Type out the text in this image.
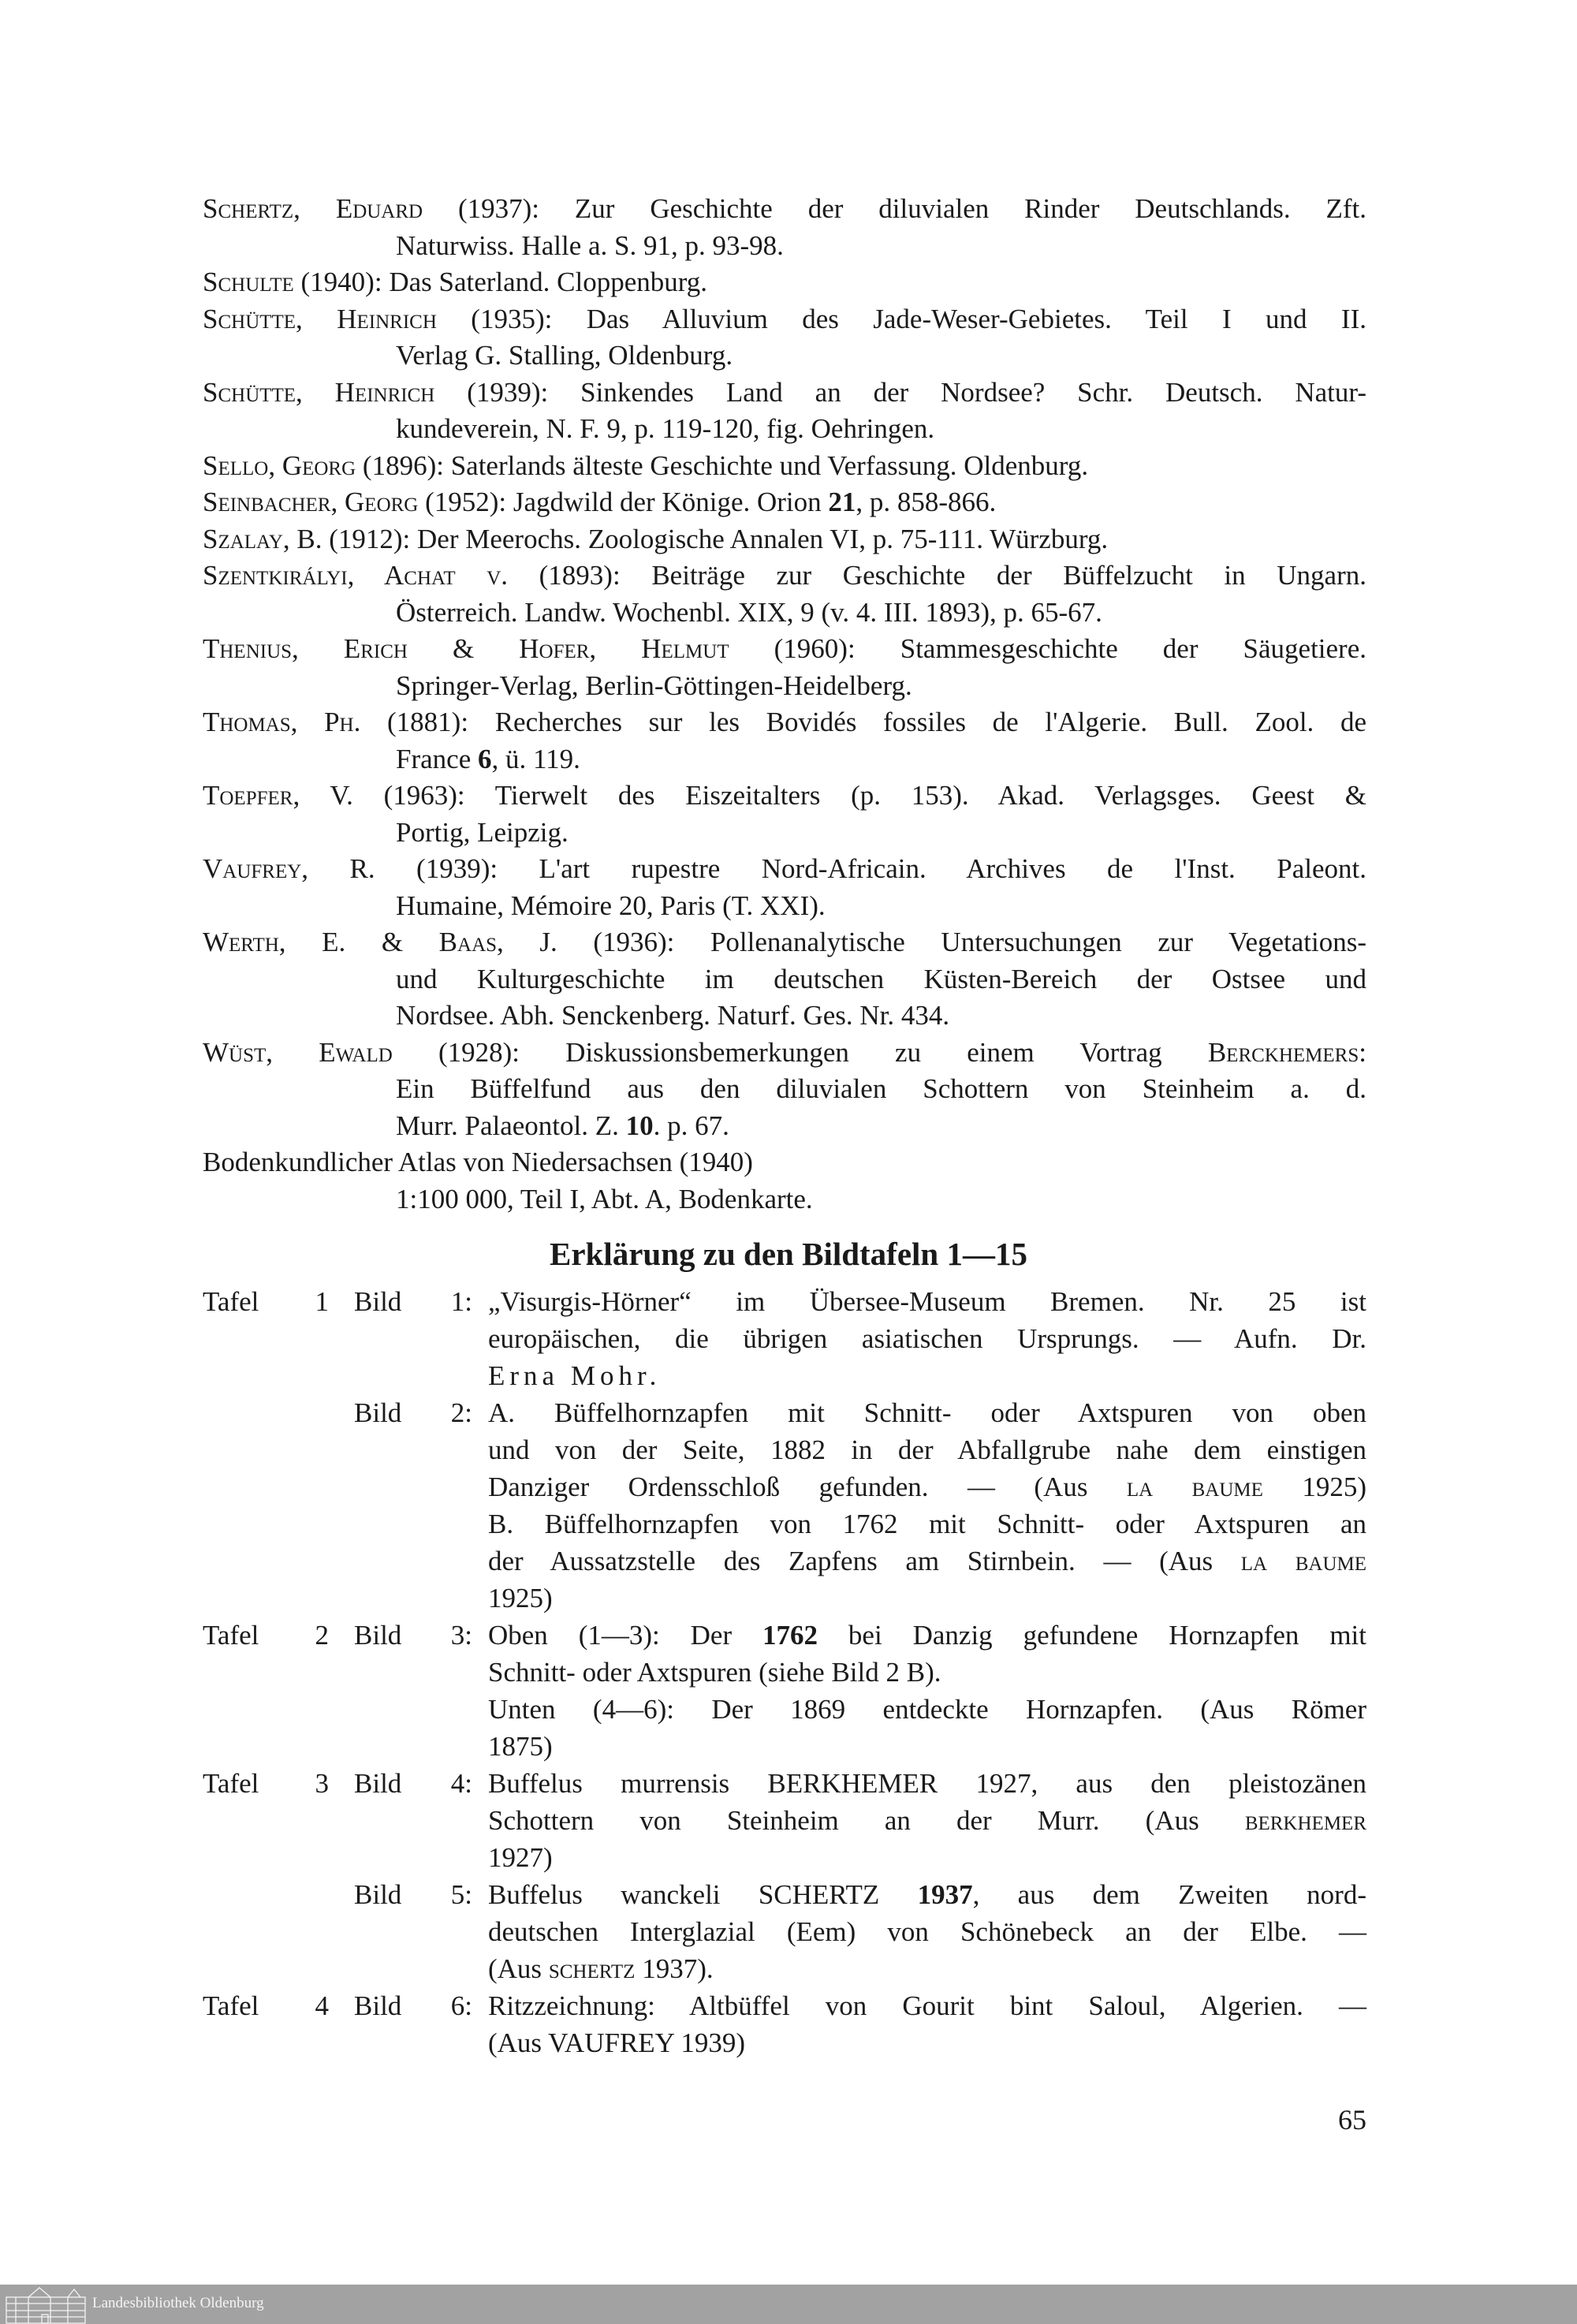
Schertz, Eduard (1937): Zur Geschichte der diluvialen Rinder Deutschlands. Zft.
Naturwiss. Halle a. S. 91, p. 93-98.
Schulte (1940): Das Saterland. Cloppenburg.
Schütte, Heinrich (1935): Das Alluvium des Jade-Weser-Gebietes. Teil I und II.
Verlag G. Stalling, Oldenburg.
Schütte, Heinrich (1939): Sinkendes Land an der Nordsee? Schr. Deutsch. Natur-
kundeverein, N. F. 9, p. 119-120, fig. Oehringen.
Sello, Georg (1896): Saterlands älteste Geschichte und Verfassung. Oldenburg.
Seinbacher, Georg (1952): Jagdwild der Könige. Orion 21, p. 858-866.
Szalay, B. (1912): Der Meerochs. Zoologische Annalen VI, p. 75-111. Würzburg.
Szentkirályi, Achat v. (1893): Beiträge zur Geschichte der Büffelzucht in Ungarn.
Österreich. Landw. Wochenbl. XIX, 9 (v. 4. III. 1893), p. 65-67.
Thenius, Erich & Hofer, Helmut (1960): Stammesgeschichte der Säugetiere.
Springer-Verlag, Berlin-Göttingen-Heidelberg.
Thomas, Ph. (1881): Recherches sur les Bovidés fossiles de l'Algerie. Bull. Zool. de
France 6, ü. 119.
Toepfer, V. (1963): Tierwelt des Eiszeitalters (p. 153). Akad. Verlagsges. Geest &
Portig, Leipzig.
Vaufrey, R. (1939): L'art rupestre Nord-Africain. Archives de l'Inst. Paleont.
Humaine, Mémoire 20, Paris (T. XXI).
Werth, E. & Baas, J. (1936): Pollenanalytische Untersuchungen zur Vegetations-
und Kulturgeschichte im deutschen Küsten-Bereich der Ostsee und
Nordsee. Abh. Senckenberg. Naturf. Ges. Nr. 434.
Wüst, Ewald (1928): Diskussionsbemerkungen zu einem Vortrag Berckhemers:
Ein Büffelfund aus den diluvialen Schottern von Steinheim a. d.
Murr. Palaeontol. Z. 10. p. 67.
Bodenkundlicher Atlas von Niedersachsen (1940)
1:100 000, Teil I, Abt. A, Bodenkarte.
Erklärung zu den Bildtafeln 1—15
Tafel	1 Bild	1: „Visurgis-Hörner“ im Übersee-Museum Bremen. Nr. 25 ist
europäischen, die übrigen asiatischen Ursprungs. — Aufn. Dr.
Erna Mohr.
Bild	2: A. Büffelhornzapfen mit Schnitt- oder Axtspuren von oben
und von der Seite, 1882 in der Abfallgrube nahe dem einstigen
Danziger Ordensschloß gefunden. — (Aus la baume 1925)
B. Büffelhornzapfen von 1762 mit Schnitt- oder Axtspuren an
der Aussatzstelle des Zapfens am Stirnbein. — (Aus la baume
1925)
Tafel	2 Bild	3: Oben (1—3): Der 1762 bei Danzig gefundene Hornzapfen mit
Schnitt- oder Axtspuren (siehe Bild 2 B).
Unten (4—6): Der 1869 entdeckte Hornzapfen. (Aus Römer
1875)
Tafel	3 Bild	4: Buffelus murrensis BERKHEMER 1927, aus den pleistozänen
Schottern von Steinheim an der Murr. (Aus berkhemer
1927)
Bild	5: Buffelus wanckeli SCHERTZ 1937, aus dem Zweiten nord-
deutschen Interglazial (Eem) von Schönebeck an der Elbe. —
(Aus schertz 1937).
Tafel	4 Bild	6: Ritzzeichnung: Altbüffel von Gourit bint Saloul, Algerien. —
(Aus VAUFREY 1939)
65
Landesbibliothek Oldenburg
